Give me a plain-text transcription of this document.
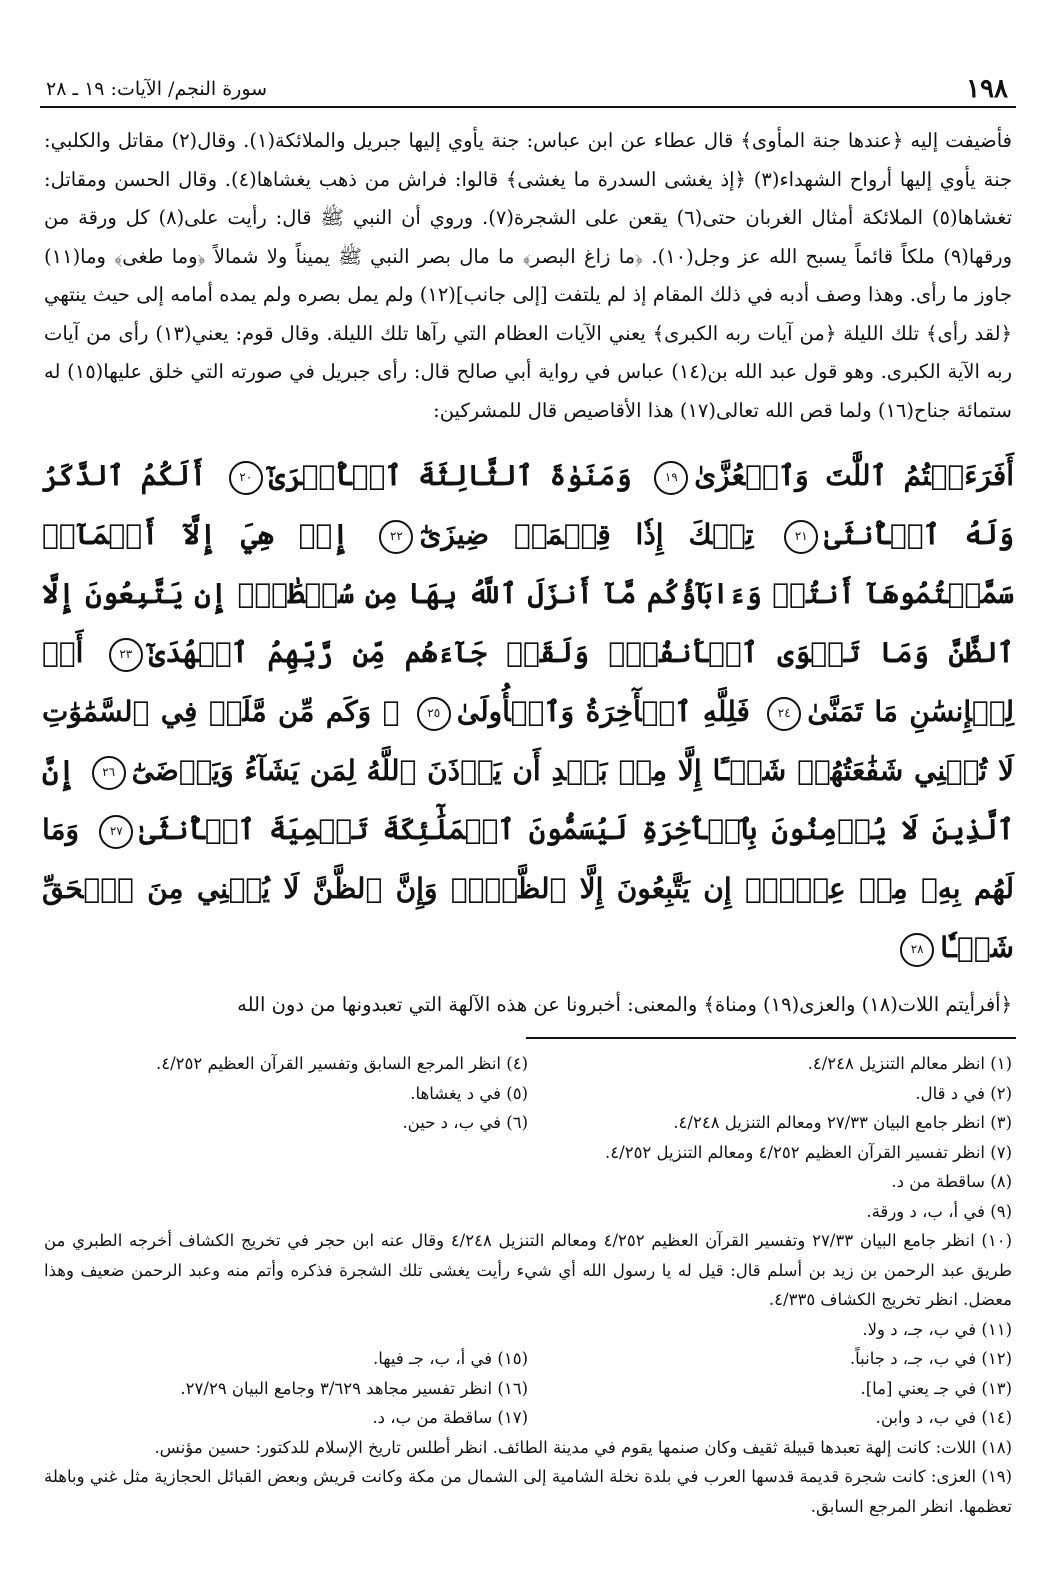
١٩٨
سورة النجم/ الآيات: ١٩ ـ ٢٨

فأضيفت إليه ﴿عندها جنة المأوى﴾ قال عطاء عن ابن عباس: جنة يأوي إليها جبريل والملائكة(١). وقال(٢) مقاتل والكلبي: جنة يأوي إليها أرواح الشهداء(٣) ﴿إذ يغشى السدرة ما يغشى﴾ قالوا: فراش من ذهب يغشاها(٤). وقال الحسن ومقاتل: تغشاها(٥) الملائكة أمثال الغربان حتى(٦) يقعن على الشجرة(٧). وروي أن النبي ﷺ قال: رأيت على(٨) كل ورقة من ورقها(٩) ملكاً قائماً يسبح الله عز وجل(١٠). ﴿ما زاغ البصر﴾ ما مال بصر النبي ﷺ يميناً ولا شمالاً ﴿وما طغى﴾ وما(١١) جاوز ما رأى. وهذا وصف أدبه في ذلك المقام إذ لم يلتفت [إلى جانب](١٢) ولم يمل بصره ولم يمده أمامه إلى حيث ينتهي ﴿لقد رأى﴾ تلك الليلة ﴿من آيات ربه الكبرى﴾ يعني الآيات العظام التي رآها تلك الليلة. وقال قوم: يعني(١٣) رأى من آيات ربه الآية الكبرى. وهو قول عبد الله بن(١٤) عباس في رواية أبي صالح قال: رأى جبريل في صورته التي خلق عليها(١٥) له ستمائة جناح(١٦) ولما قص الله تعالى(١٧) هذا الأقاصيص قال للمشركين:

أَفَرَءَيۡتُمُ ٱللَّٰتَ وَٱلۡعُزَّىٰ١٩ وَمَنَوٰةَ ٱلثَّالِثَةَ ٱلۡأُخۡرَىٰٓ٢٠ أَلَكُمُ ٱلذَّكَرُ وَلَهُ ٱلۡأُنثَىٰ٢١ تِلۡكَ إِذٗا قِسۡمَةٞ ضِيزَىٰٓ٢٢ إِنۡ هِيَ إِلَّآ أَسۡمَآءٞ سَمَّيۡتُمُوهَآ أَنتُمۡ وَءَابَآؤُكُم مَّآ أَنزَلَ ٱللَّهُ بِهَا مِن سُلۡطَٰنٍۚ إِن يَتَّبِعُونَ إِلَّا ٱلظَّنَّ وَمَا تَهۡوَى ٱلۡأَنفُسُۖ وَلَقَدۡ جَآءَهُم مِّن رَّبِّهِمُ ٱلۡهُدَىٰٓ٢٣ أَمۡ لِلۡإِنسَٰنِ مَا تَمَنَّىٰ٢٤ فَلِلَّهِ ٱلۡأٓخِرَةُ وَٱلۡأُولَىٰ٢٥ ۞ وَكَم مِّن مَّلَكٖ فِي ٱلسَّمَٰوَٰتِ لَا تُغۡنِي شَفَٰعَتُهُمۡ شَيۡـًٔا إِلَّا مِنۢ بَعۡدِ أَن يَأۡذَنَ ٱللَّهُ لِمَن يَشَآءُ وَيَرۡضَىٰٓ٢٦ إِنَّ ٱلَّذِينَ لَا يُؤۡمِنُونَ بِٱلۡأٓخِرَةِ لَيُسَمُّونَ ٱلۡمَلَٰٓئِكَةَ تَسۡمِيَةَ ٱلۡأُنثَىٰ٢٧ وَمَا لَهُم بِهِۦ مِنۡ عِلۡمٍۖ إِن يَتَّبِعُونَ إِلَّا ٱلظَّنَّۖ وَإِنَّ ٱلظَّنَّ لَا يُغۡنِي مِنَ ٱلۡحَقِّ شَيۡـٔٗا٢٨
﴿أفرأيتم اللات(١٨) والعزى(١٩) ومناة﴾ والمعنى: أخبرونا عن هذه الآلهة التي تعبدونها من دون الله

(١) انظر معالم التنزيل ٤/٢٤٨.

(٢) في د قال.

(٣) انظر جامع البيان ٢٧/٣٣ ومعالم التنزيل ٤/٢٤٨.

(٤) انظر المرجع السابق وتفسير القرآن العظيم ٤/٢٥٢.

(٥) في د يغشاها.

(٦) في ب، د حين.

(٧) انظر تفسير القرآن العظيم ٤/٢٥٢ ومعالم التنزيل ٤/٢٥٢.

(٨) ساقطة من د.

(٩) في أ، ب، د ورقة.

(١٠) انظر جامع البيان ٢٧/٣٣ وتفسير القرآن العظيم ٤/٢٥٢ ومعالم التنزيل ٤/٢٤٨ وقال عنه ابن حجر في تخريج الكشاف أخرجه الطبري من طريق عبد الرحمن بن زيد بن أسلم قال: قيل له يا رسول الله أي شيء رأيت يغشى تلك الشجرة فذكره وأتم منه وعبد الرحمن ضعيف وهذا معضل. انظر تخريج الكشاف ٤/٣٣٥.

(١١) في ب، جـ، د ولا.

(١٢) في ب، جـ، د جانباً.

(١٣) في جـ يعني [ما].

(١٤) في ب، د وابن.

(١٥) في أ، ب، جـ فيها.

(١٦) انظر تفسير مجاهد ٣/٦٢٩ وجامع البيان ٢٧/٢٩.

(١٧) ساقطة من ب، د.

(١٨) اللات: كانت إلهة تعبدها قبيلة ثقيف وكان صنمها يقوم في مدينة الطائف. انظر أطلس تاريخ الإسلام للدكتور: حسين مؤنس.

(١٩) العزى: كانت شجرة قديمة قدسها العرب في بلدة نخلة الشامية إلى الشمال من مكة وكانت قريش وبعض القبائل الحجازية مثل غني وباهلة تعظمها. انظر المرجع السابق.
